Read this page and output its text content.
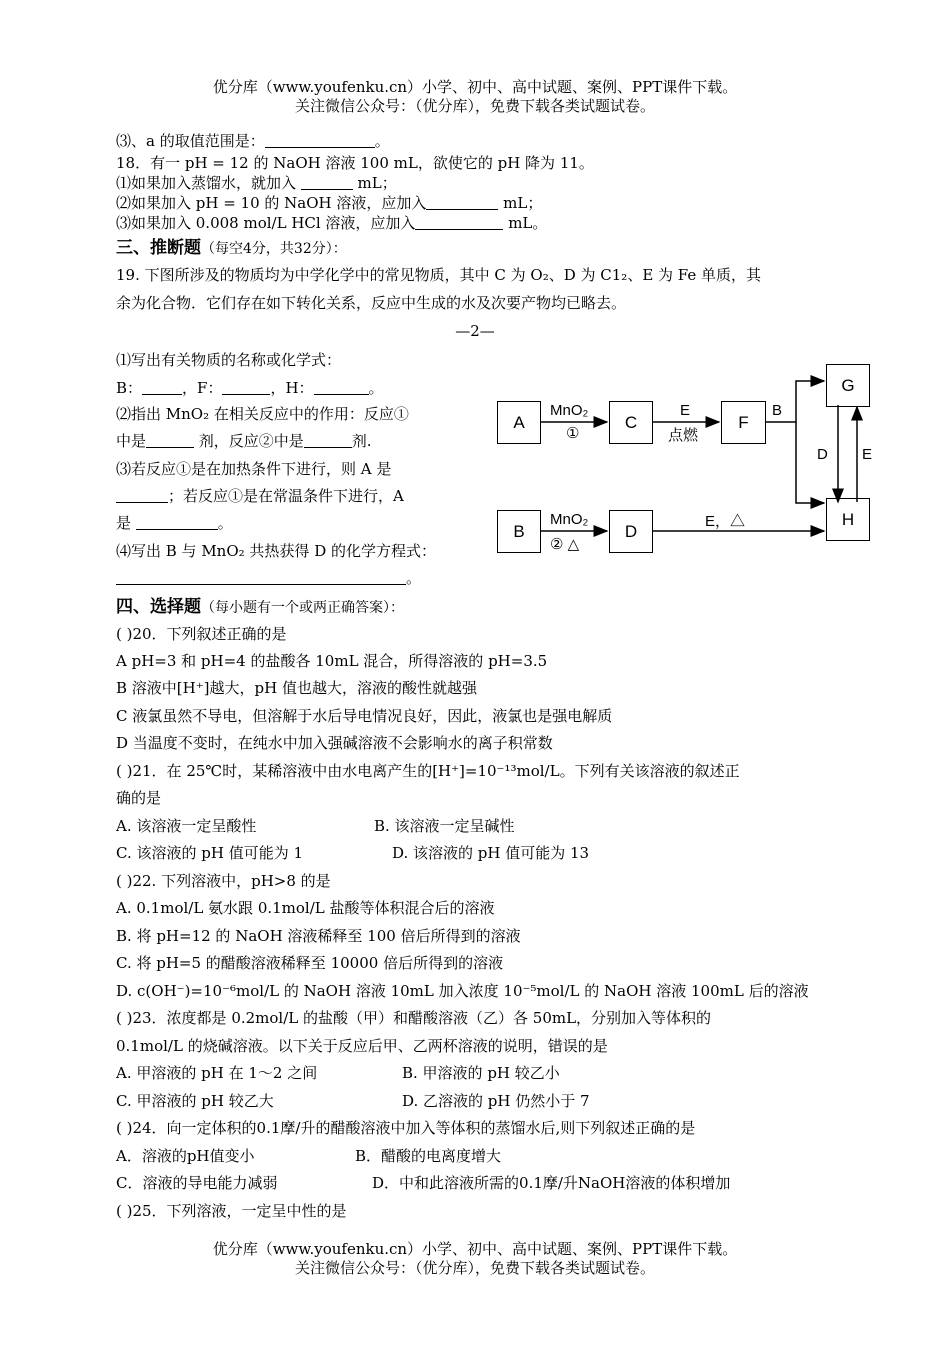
优分库（www.youfenku.cn）小学、初中、高中试题、案例、PPT课件下载。
关注微信公众号：（优分库），免费下载各类试题试卷。
⑶、a 的取值范围是：	。
18．有一 pH = 12 的 NaOH 溶液 100 mL，欲使它的 pH 降为 11。
⑴如果加入蒸馏水，就加入	mL；
⑵如果加入 pH = 10 的 NaOH 溶液，应加入	mL；
⑶如果加入 0.008 mol/L HCl 溶液，应加入	mL。
三、推断题（每空4分，共32分）：
19. 下图所涉及的物质均为中学化学中的常见物质，其中 C 为 O₂、D 为 C1₂、E 为 Fe 单质，其
余为化合物．它们存在如下转化关系，反应中生成的水及次要产物均已略去。
—2—
⑴写出有关物质的名称或化学式：
B：	，F：	，H：	。
⑵指出 MnO₂ 在相关反应中的作用：反应①
中是	剂，反应②中是	剂.
⑶若反应①是在加热条件下进行，则 A 是
；若反应①是在常温条件下进行，A
是	。
⑷写出 B 与 MnO₂ 共热获得 D 的化学方程式：
。
A	C	F
G
B	D
H
MnO₂
①
E
点燃
B
MnO₂
② △
E，△
D E
四、选择题（每小题有一个或两正确答案）：
( )20．下列叙述正确的是
A pH=3 和 pH=4 的盐酸各 10mL 混合，所得溶液的 pH=3.5
B 溶液中[H⁺]越大，pH 值也越大，溶液的酸性就越强
C 液氯虽然不导电，但溶解于水后导电情况良好，因此，液氯也是强电解质
D 当温度不变时，在纯水中加入强碱溶液不会影响水的离子积常数
( )21．在 25℃时，某稀溶液中由水电离产生的[H⁺]=10⁻¹³mol/L。下列有关该溶液的叙述正
确的是
A. 该溶液一定呈酸性	B. 该溶液一定呈碱性
C. 该溶液的 pH 值可能为 1	D. 该溶液的 pH 值可能为 13
( )22. 下列溶液中，pH>8 的是
A. 0.1mol/L 氨水跟 0.1mol/L 盐酸等体积混合后的溶液
B. 将 pH=12 的 NaOH 溶液稀释至 100 倍后所得到的溶液
C. 将 pH=5 的醋酸溶液稀释至 10000 倍后所得到的溶液
D. c(OH⁻)=10⁻⁶mol/L 的 NaOH 溶液 10mL 加入浓度 10⁻⁵mol/L 的 NaOH 溶液 100mL 后的溶液
( )23．浓度都是 0.2mol/L 的盐酸（甲）和醋酸溶液（乙）各 50mL，分别加入等体积的
0.1mol/L 的烧碱溶液。以下关于反应后甲、乙两杯溶液的说明，错误的是
A. 甲溶液的 pH 在 1～2 之间	B. 甲溶液的 pH 较乙小
C. 甲溶液的 pH 较乙大	D. 乙溶液的 pH 仍然小于 7
( )24．向一定体积的0.1摩/升的醋酸溶液中加入等体积的蒸馏水后,则下列叙述正确的是
A．溶液的pH值变小	B．醋酸的电离度增大
C．溶液的导电能力减弱	D．中和此溶液所需的0.1摩/升NaOH溶液的体积增加
( )25．下列溶液，一定呈中性的是
优分库（www.youfenku.cn）小学、初中、高中试题、案例、PPT课件下载。
关注微信公众号：（优分库），免费下载各类试题试卷。
